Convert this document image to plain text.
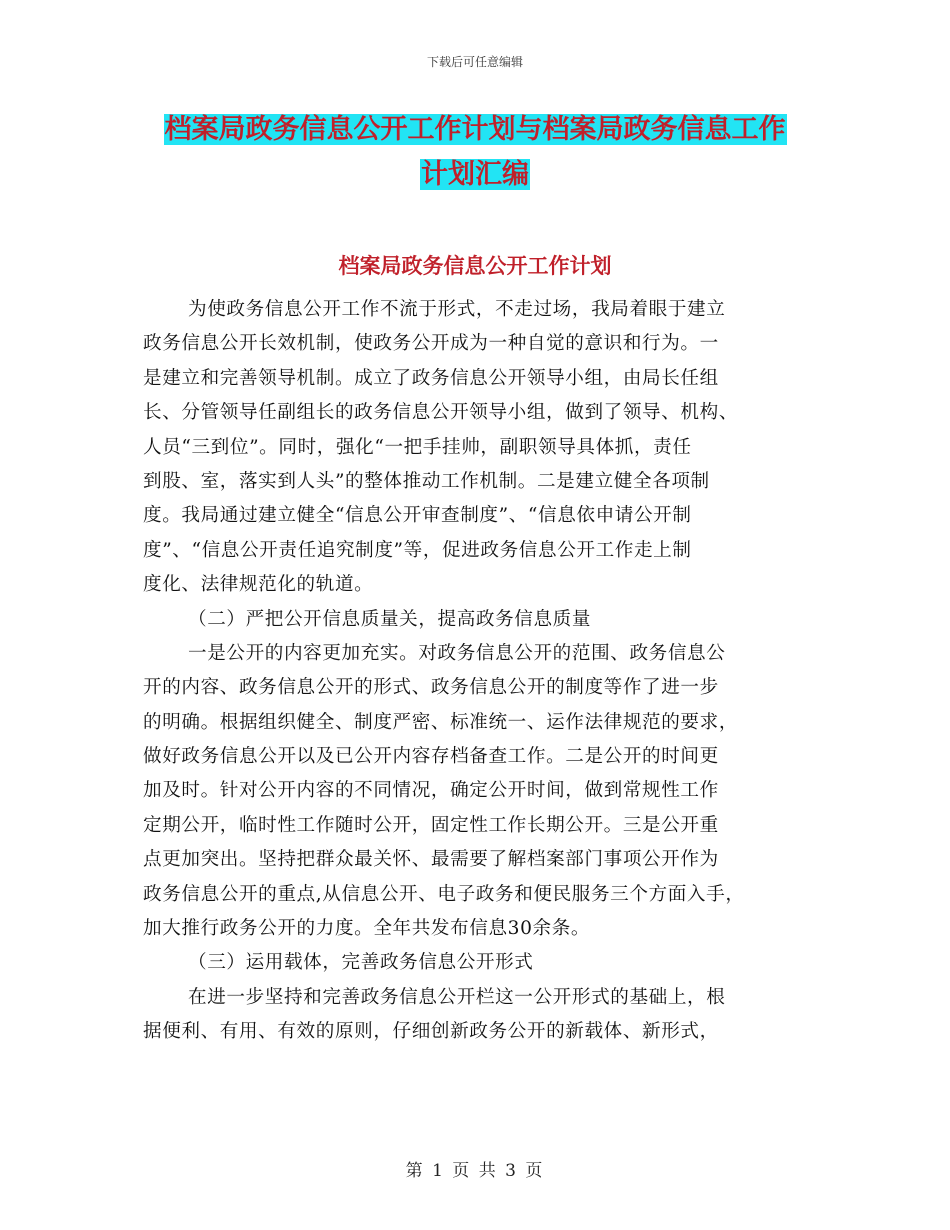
下载后可任意编辑
档案局政务信息公开工作计划与档案局政务信息工作
计划汇编
档案局政务信息公开工作计划
为使政务信息公开工作不流于形式，不走过场，我局着眼于建立
政务信息公开长效机制，使政务公开成为一种自觉的意识和行为。一
是建立和完善领导机制。成立了政务信息公开领导小组，由局长任组
长、分管领导任副组长的政务信息公开领导小组，做到了领导、机构、
人员“三到位”。同时，强化“一把手挂帅，副职领导具体抓，责任
到股、室，落实到人头”的整体推动工作机制。二是建立健全各项制
度。我局通过建立健全“信息公开审查制度”、“信息依申请公开制
度”、“信息公开责任追究制度”等，促进政务信息公开工作走上制
度化、法律规范化的轨道。
（二）严把公开信息质量关，提高政务信息质量
一是公开的内容更加充实。对政务信息公开的范围、政务信息公
开的内容、政务信息公开的形式、政务信息公开的制度等作了进一步
的明确。根据组织健全、制度严密、标准统一、运作法律规范的要求，
做好政务信息公开以及已公开内容存档备查工作。二是公开的时间更
加及时。针对公开内容的不同情况，确定公开时间，做到常规性工作
定期公开，临时性工作随时公开，固定性工作长期公开。三是公开重
点更加突出。坚持把群众最关怀、最需要了解档案部门事项公开作为
政务信息公开的重点,从信息公开、电子政务和便民服务三个方面入手，
加大推行政务公开的力度。全年共发布信息30余条。
（三）运用载体，完善政务信息公开形式
在进一步坚持和完善政务信息公开栏这一公开形式的基础上，根
据便利、有用、有效的原则，仔细创新政务公开的新载体、新形式，
第 1 页 共 3 页
